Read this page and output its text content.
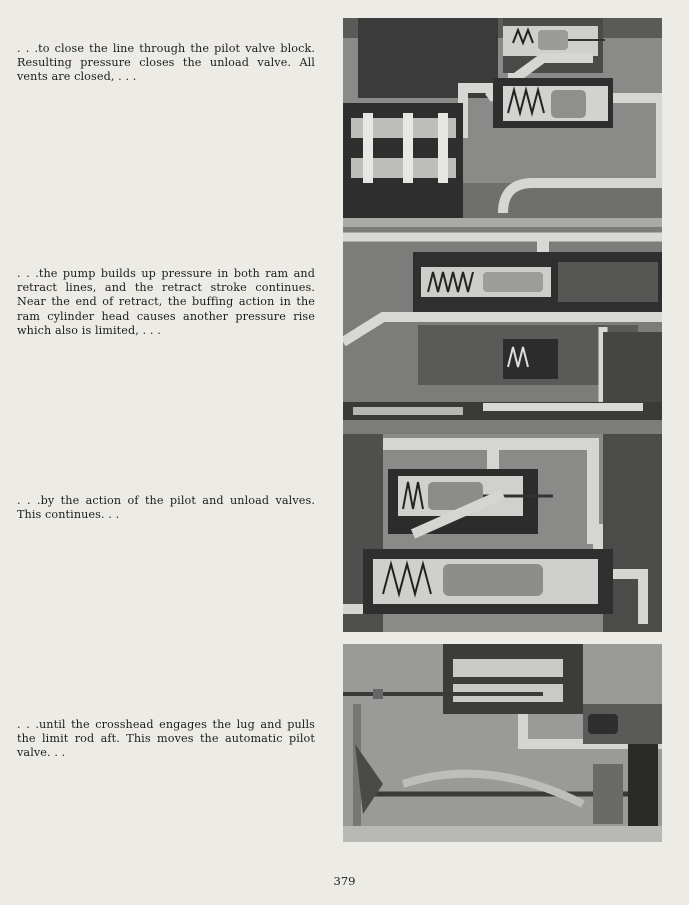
. . .to close the line through the pilot valve block. Resulting pressure closes the unload valve. All vents are closed, . . .
. . .the pump builds up pressure in both ram and retract lines, and the retract stroke continues. Near the end of retract, the buffing action in the ram cylinder head causes another pressure rise which also is limited, . . .
. . .by the action of the pilot and unload valves. This continues. . .
. . .until the crosshead engages the lug and pulls the limit rod aft. This moves the automatic pilot valve. . .
379
